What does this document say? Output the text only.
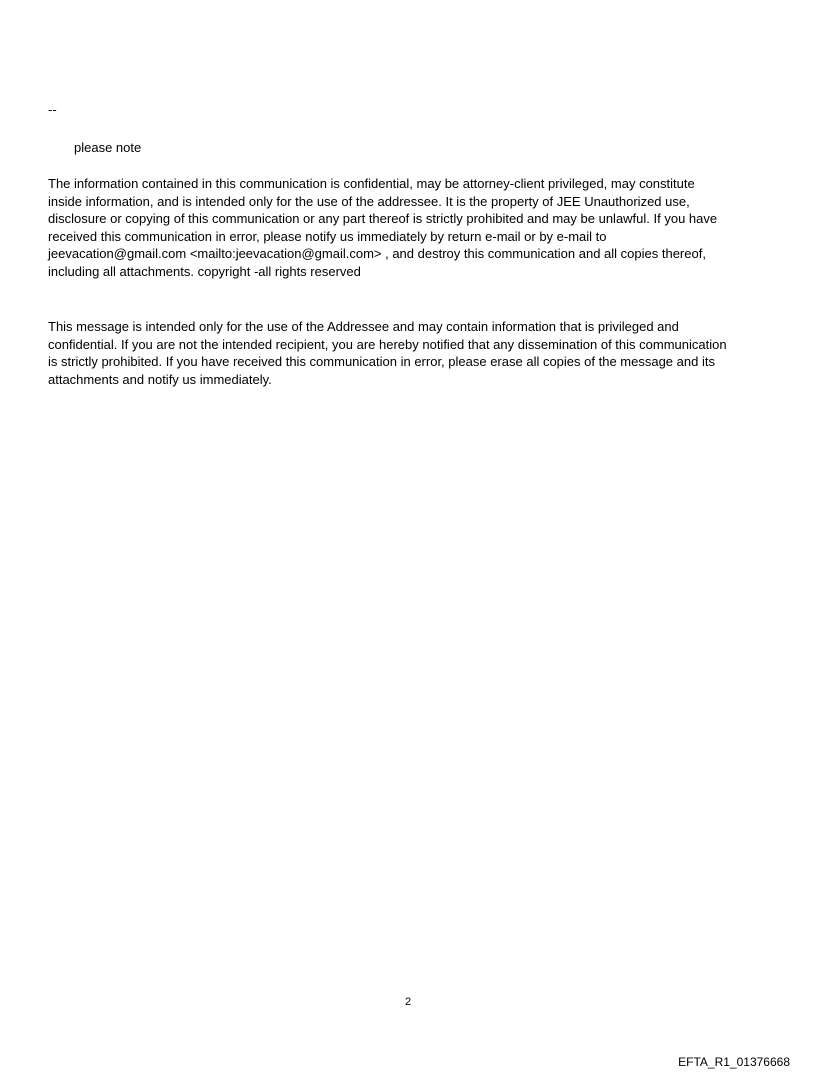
--
please note

The information contained in this communication is confidential, may be attorney-client privileged, may constitute
inside information, and is intended only for the use of the addressee. It is the property of JEE Unauthorized use,
disclosure or copying of this communication or any part thereof is strictly prohibited and may be unlawful. If you have
received this communication in error, please notify us immediately by return e-mail or by e-mail to
jeevacation@gmail.com <mailto:jeevacation@gmail.com> , and destroy this communication and all copies thereof,
including all attachments. copyright -all rights reserved

This message is intended only for the use of the Addressee and may contain information that is privileged and
confidential. If you are not the intended recipient, you are hereby notified that any dissemination of this communication
is strictly prohibited. If you have received this communication in error, please erase all copies of the message and its
attachments and notify us immediately.

2
EFTA_R1_01376668
